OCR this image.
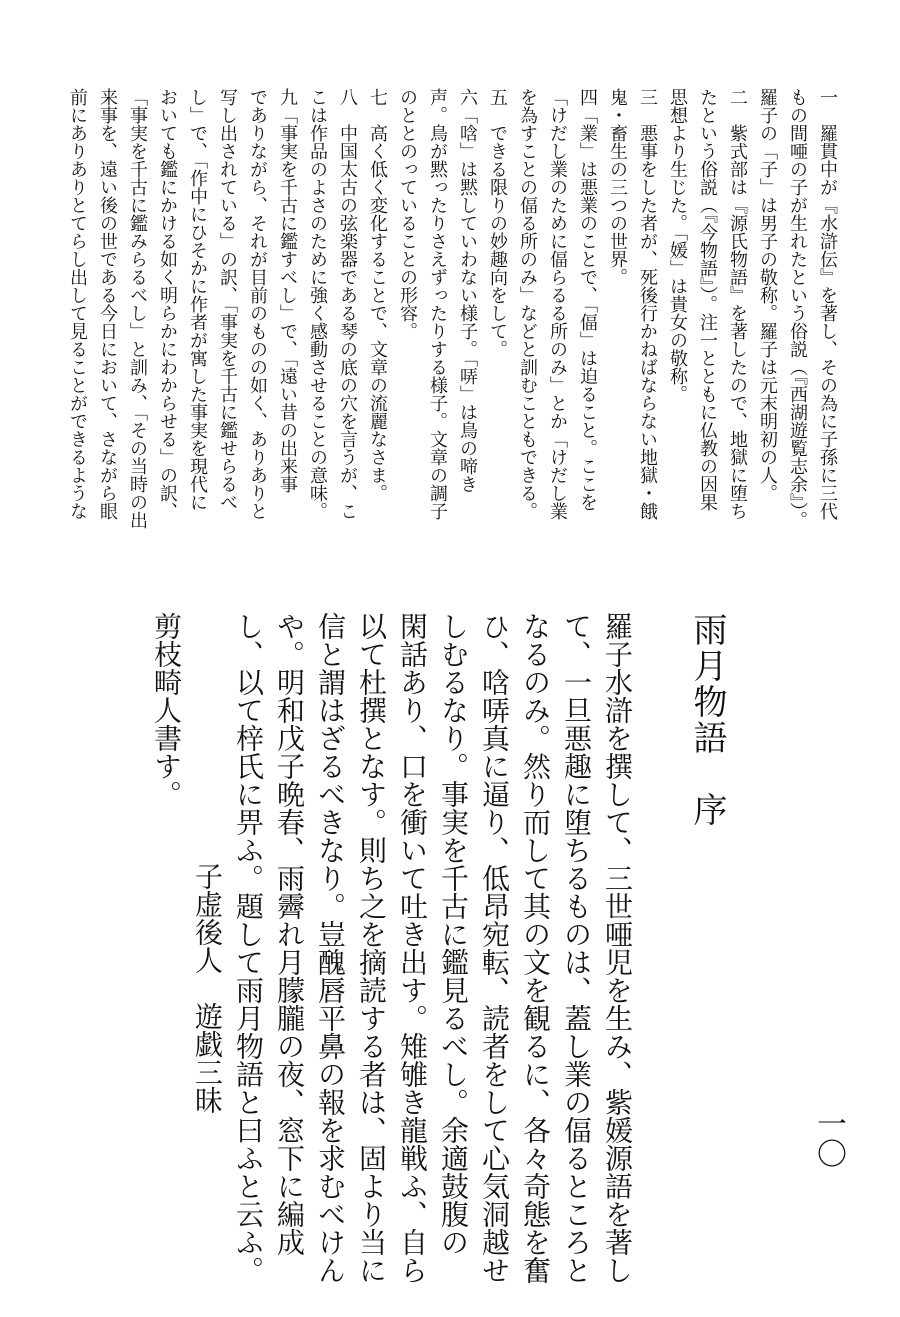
一　羅貫中が『水滸伝』を著し、その為に子孫に三代
もの間唖の子が生れたという俗説（『西湖遊覧志余』）。
羅子の「子」は男子の敬称。羅子は元末明初の人。
二　紫式部は『源氏物語』を著したので、地獄に堕ち
たという俗説（『今物語』）。注一とともに仏教の因果
思想より生じた。「媛」は貴女の敬称。
三　悪事をした者が、死後行かねばならない地獄・餓
鬼・畜生の三つの世界。
四「業」は悪業のことで、「偪」は迫ること。ここを
「けだし業のために偪らるる所のみ」とか「けだし業
を為すことの偪る所のみ」などと訓むこともできる。
五　できる限りの妙趣向をして。
六「唅」は黙していわない様子。「哢」は鳥の啼き
声。鳥が黙ったりさえずったりする様子。文章の調子
のととのっていることの形容。
七　高く低く変化することで、文章の流麗なさま。
八　中国太古の弦楽器である琴の底の穴を言うが、こ
こは作品のよさのために強く感動させることの意味。
九「事実を千古に鑑すべし」で、「遠い昔の出来事
でありながら、それが目前のものの如く、ありありと
写し出されている」の訳、「事実を千古に鑑せらるべ
し」で、「作中にひそかに作者が寓した事実を現代に
おいても鑑にかける如く明らかにわからせる」の訳、
「事実を千古に鑑みらるべし」と訓み、「その当時の出
来事を、遠い後の世である今日において、さながら眼
前にありありとてらし出して見ることができるような
雨月物語　序
羅子水滸を撰して、三世唖児を生み、紫媛源語を著し
て、一旦悪趣に堕ちるものは、蓋し業の偪るところと
なるのみ。然り而して其の文を観るに、各々奇態を奮
ひ、唅哢真に逼り、低昂宛転、読者をして心気洞越せ
しむるなり。事実を千古に鑑見るべし。余適鼓腹の
閑話あり、口を衝いて吐き出す。雉雊き龍戦ふ、自ら
以て杜撰となす。則ち之を摘読する者は、固より当に
信と謂はざるべきなり。豈醜唇平鼻の報を求むべけん
や。明和戊子晩春、雨霽れ月朦朧の夜、窓下に編成
し、以て梓氏に畀ふ。題して雨月物語と曰ふと云ふ。
子虚後人　遊戯三昧
剪枝畸人書す。
一〇
